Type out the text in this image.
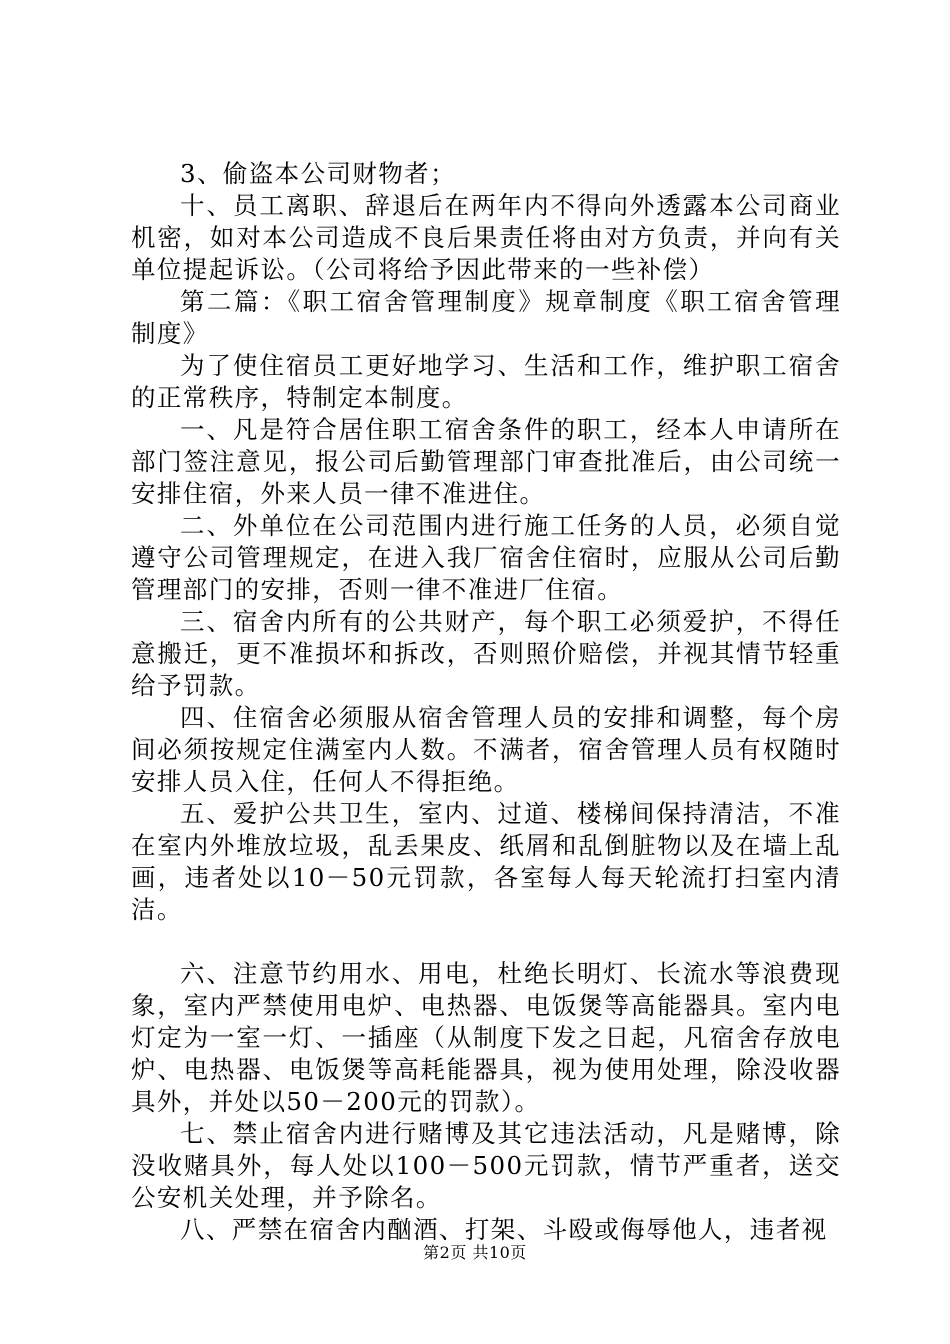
3、偷盗本公司财物者；

十、员工离职、辞退后在两年内不得向外透露本公司商业机密，如对本公司造成不良后果责任将由对方负责，并向有关单位提起诉讼。（公司将给予因此带来的一些补偿）

第二篇：《职工宿舍管理制度》规章制度《职工宿舍管理制度》

为了使住宿员工更好地学习、生活和工作，维护职工宿舍的正常秩序，特制定本制度。

一、凡是符合居住职工宿舍条件的职工，经本人申请所在部门签注意见，报公司后勤管理部门审查批准后，由公司统一安排住宿，外来人员一律不准进住。

二、外单位在公司范围内进行施工任务的人员，必须自觉遵守公司管理规定，在进入我厂宿舍住宿时，应服从公司后勤管理部门的安排，否则一律不准进厂住宿。

三、宿舍内所有的公共财产，每个职工必须爱护，不得任意搬迁，更不准损坏和拆改，否则照价赔偿，并视其情节轻重给予罚款。

四、住宿舍必须服从宿舍管理人员的安排和调整，每个房间必须按规定住满室内人数。不满者，宿舍管理人员有权随时安排人员入住，任何人不得拒绝。

五、爱护公共卫生，室内、过道、楼梯间保持清洁，不准在室内外堆放垃圾，乱丢果皮、纸屑和乱倒脏物以及在墙上乱画，违者处以10－50元罚款，各室每人每天轮流打扫室内清洁。

六、注意节约用水、用电，杜绝长明灯、长流水等浪费现象，室内严禁使用电炉、电热器、电饭煲等高能器具。室内电灯定为一室一灯、一插座（从制度下发之日起，凡宿舍存放电炉、电热器、电饭煲等高耗能器具，视为使用处理，除没收器具外，并处以50－200元的罚款）。

七、禁止宿舍内进行赌博及其它违法活动，凡是赌博，除没收赌具外，每人处以100－500元罚款，情节严重者，送交公安机关处理，并予除名。

八、严禁在宿舍内酗酒、打架、斗殴或侮辱他人，违者视

第2页 共10页
